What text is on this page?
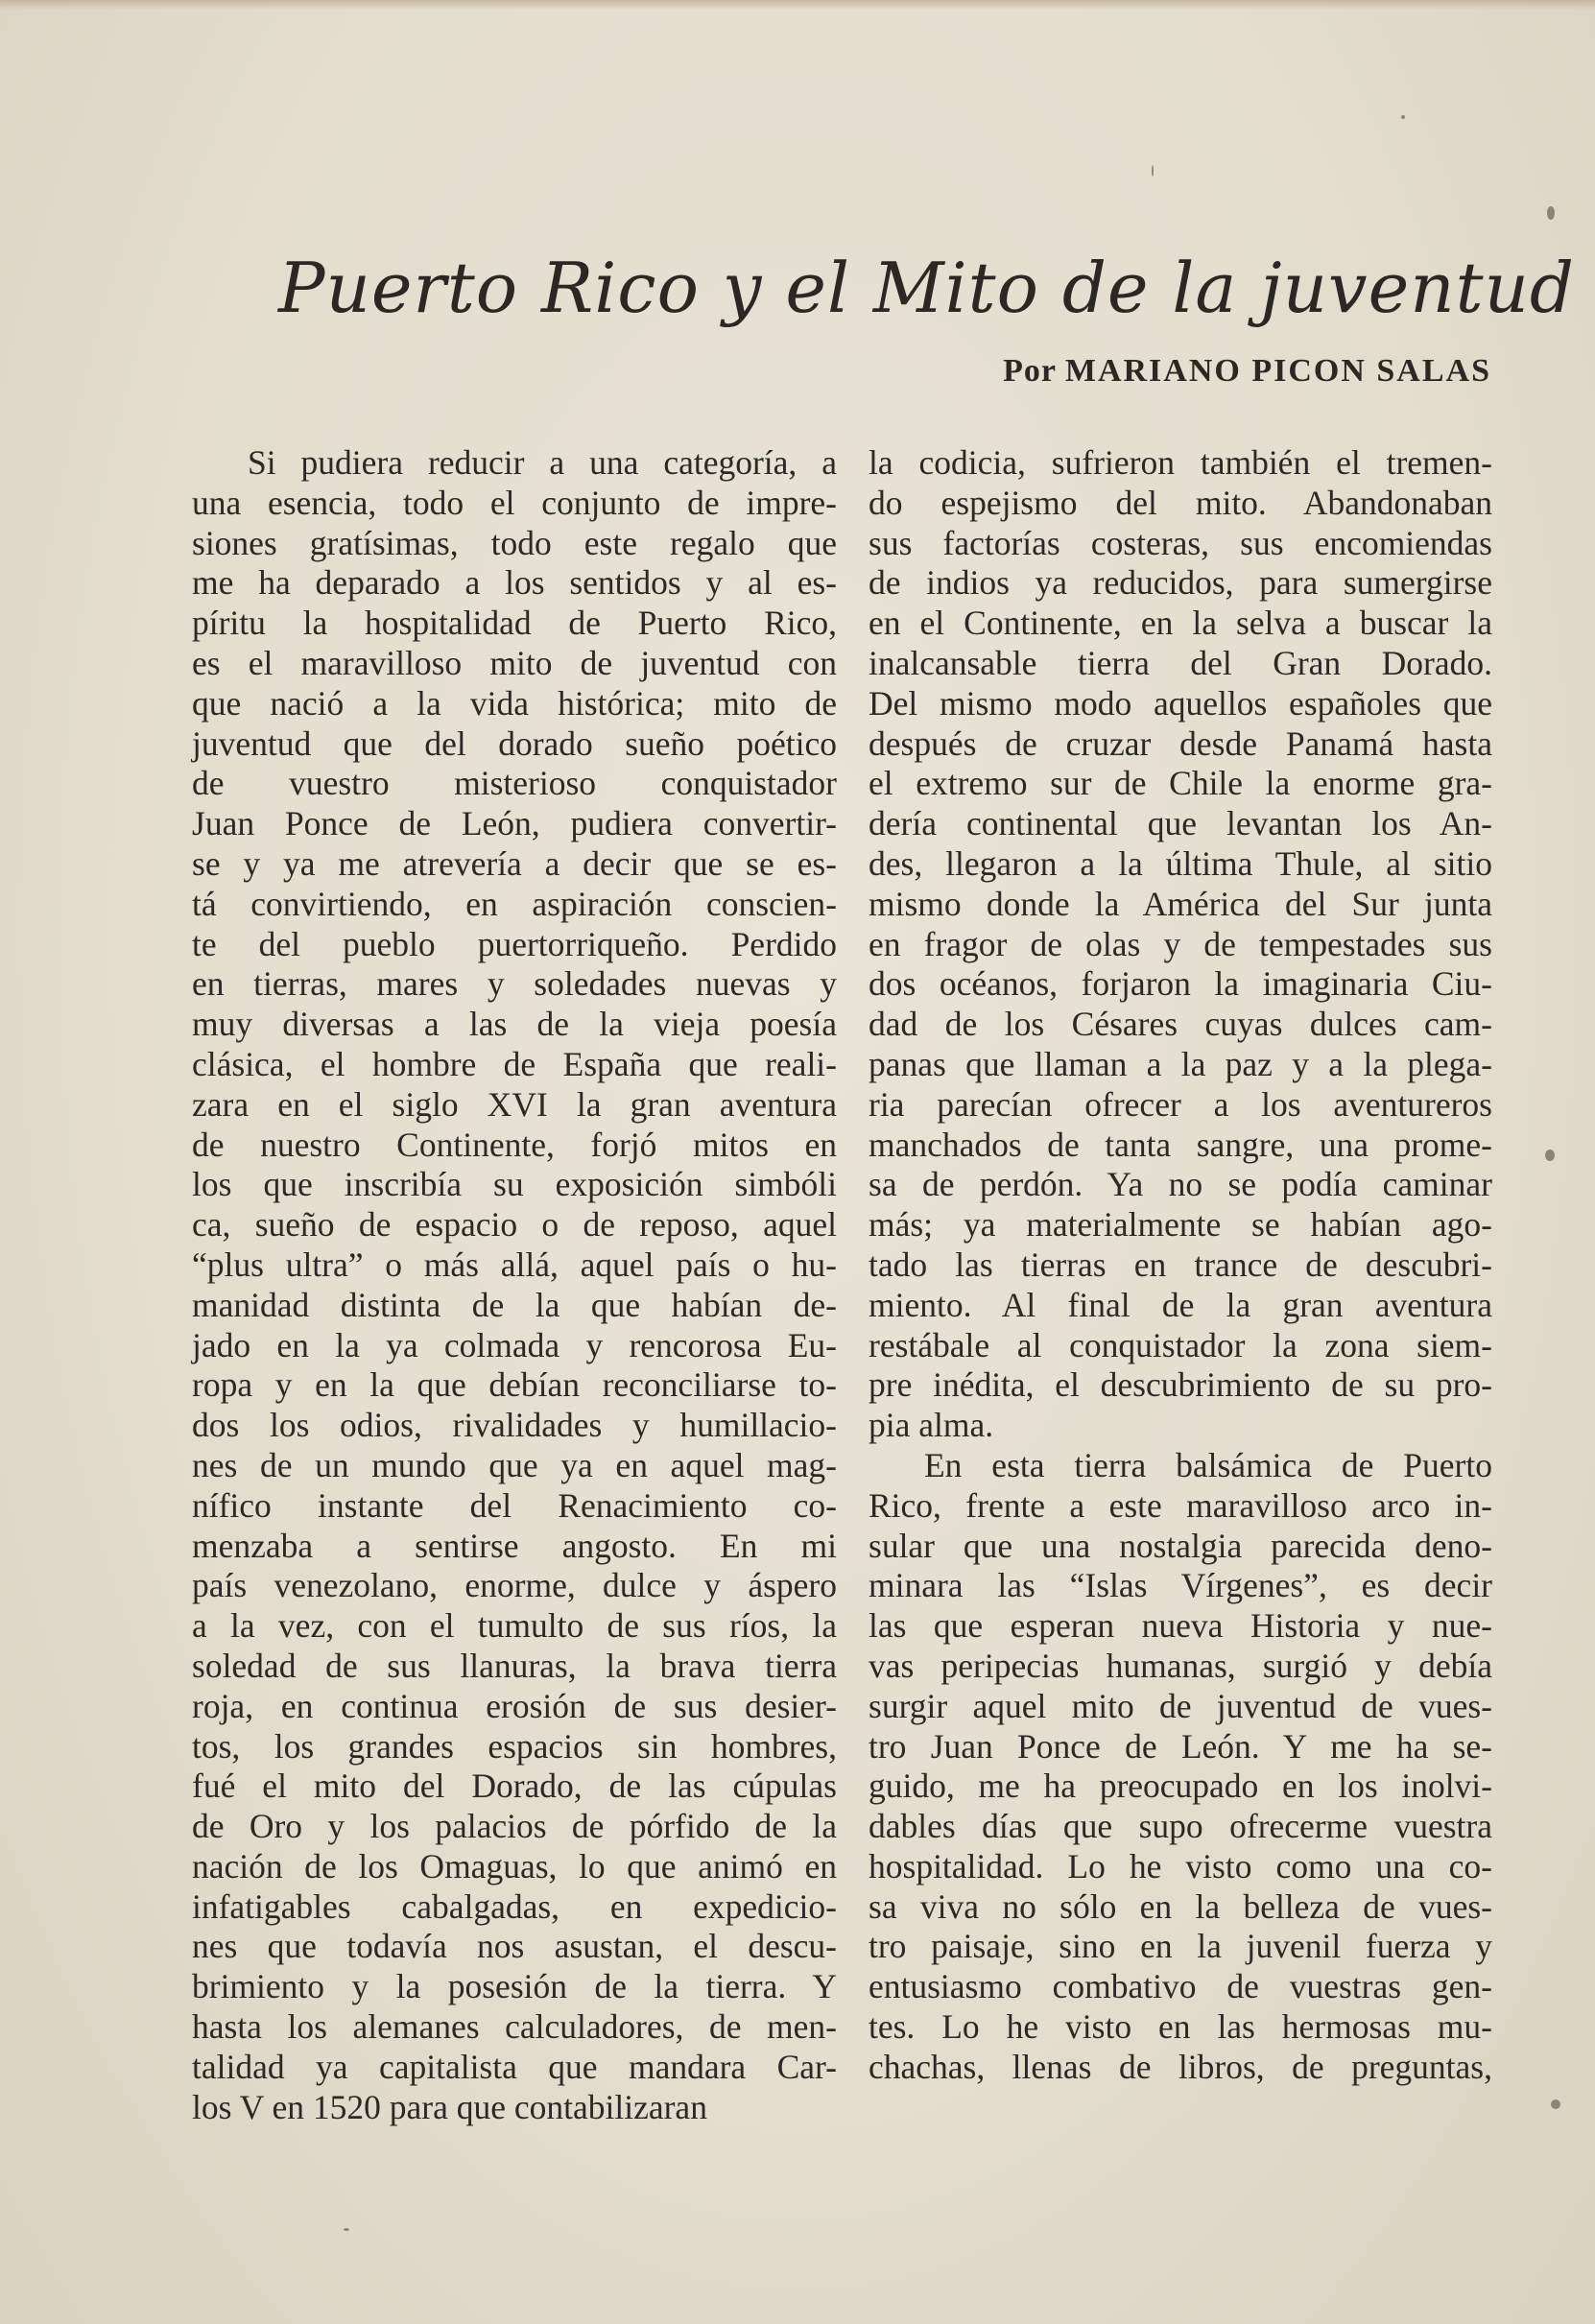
Puerto Rico y el Mito de la juventud
Por MARIANO PICON SALAS
Si pudiera reducir a una categoría, a
una esencia, todo el conjunto de impre-
siones gratísimas, todo este regalo que
me ha deparado a los sentidos y al es-
píritu la hospitalidad de Puerto Rico,
es el maravilloso mito de juventud con
que nació a la vida histórica; mito de
juventud que del dorado sueño poético
de vuestro misterioso conquistador
Juan Ponce de León, pudiera convertir-
se y ya me atrevería a decir que se es-
tá convirtiendo, en aspiración conscien-
te del pueblo puertorriqueño. Perdido
en tierras, mares y soledades nuevas y
muy diversas a las de la vieja poesía
clásica, el hombre de España que reali-
zara en el siglo XVI la gran aventura
de nuestro Continente, forjó mitos en
los que inscribía su exposición simbóli
ca, sueño de espacio o de reposo, aquel
“plus ultra” o más allá, aquel país o hu-
manidad distinta de la que habían de-
jado en la ya colmada y rencorosa Eu-
ropa y en la que debían reconciliarse to-
dos los odios, rivalidades y humillacio-
nes de un mundo que ya en aquel mag-
nífico instante del Renacimiento co-
menzaba a sentirse angosto. En mi
país venezolano, enorme, dulce y áspero
a la vez, con el tumulto de sus ríos, la
soledad de sus llanuras, la brava tierra
roja, en continua erosión de sus desier-
tos, los grandes espacios sin hombres,
fué el mito del Dorado, de las cúpulas
de Oro y los palacios de pórfido de la
nación de los Omaguas, lo que animó en
infatigables cabalgadas, en expedicio-
nes que todavía nos asustan, el descu-
brimiento y la posesión de la tierra. Y
hasta los alemanes calculadores, de men-
talidad ya capitalista que mandara Car-
los V en 1520 para que contabilizaran
la codicia, sufrieron también el tremen-
do espejismo del mito. Abandonaban
sus factorías costeras, sus encomiendas
de indios ya reducidos, para sumergirse
en el Continente, en la selva a buscar la
inalcansable tierra del Gran Dorado.
Del mismo modo aquellos españoles que
después de cruzar desde Panamá hasta
el extremo sur de Chile la enorme gra-
dería continental que levantan los An-
des, llegaron a la última Thule, al sitio
mismo donde la América del Sur junta
en fragor de olas y de tempestades sus
dos océanos, forjaron la imaginaria Ciu-
dad de los Césares cuyas dulces cam-
panas que llaman a la paz y a la plega-
ria parecían ofrecer a los aventureros
manchados de tanta sangre, una prome-
sa de perdón. Ya no se podía caminar
más; ya materialmente se habían ago-
tado las tierras en trance de descubri-
miento. Al final de la gran aventura
restábale al conquistador la zona siem-
pre inédita, el descubrimiento de su pro-
pia alma.
En esta tierra balsámica de Puerto
Rico, frente a este maravilloso arco in-
sular que una nostalgia parecida deno-
minara las “Islas Vírgenes”, es decir
las que esperan nueva Historia y nue-
vas peripecias humanas, surgió y debía
surgir aquel mito de juventud de vues-
tro Juan Ponce de León. Y me ha se-
guido, me ha preocupado en los inolvi-
dables días que supo ofrecerme vuestra
hospitalidad. Lo he visto como una co-
sa viva no sólo en la belleza de vues-
tro paisaje, sino en la juvenil fuerza y
entusiasmo combativo de vuestras gen-
tes. Lo he visto en las hermosas mu-
chachas, llenas de libros, de preguntas,
